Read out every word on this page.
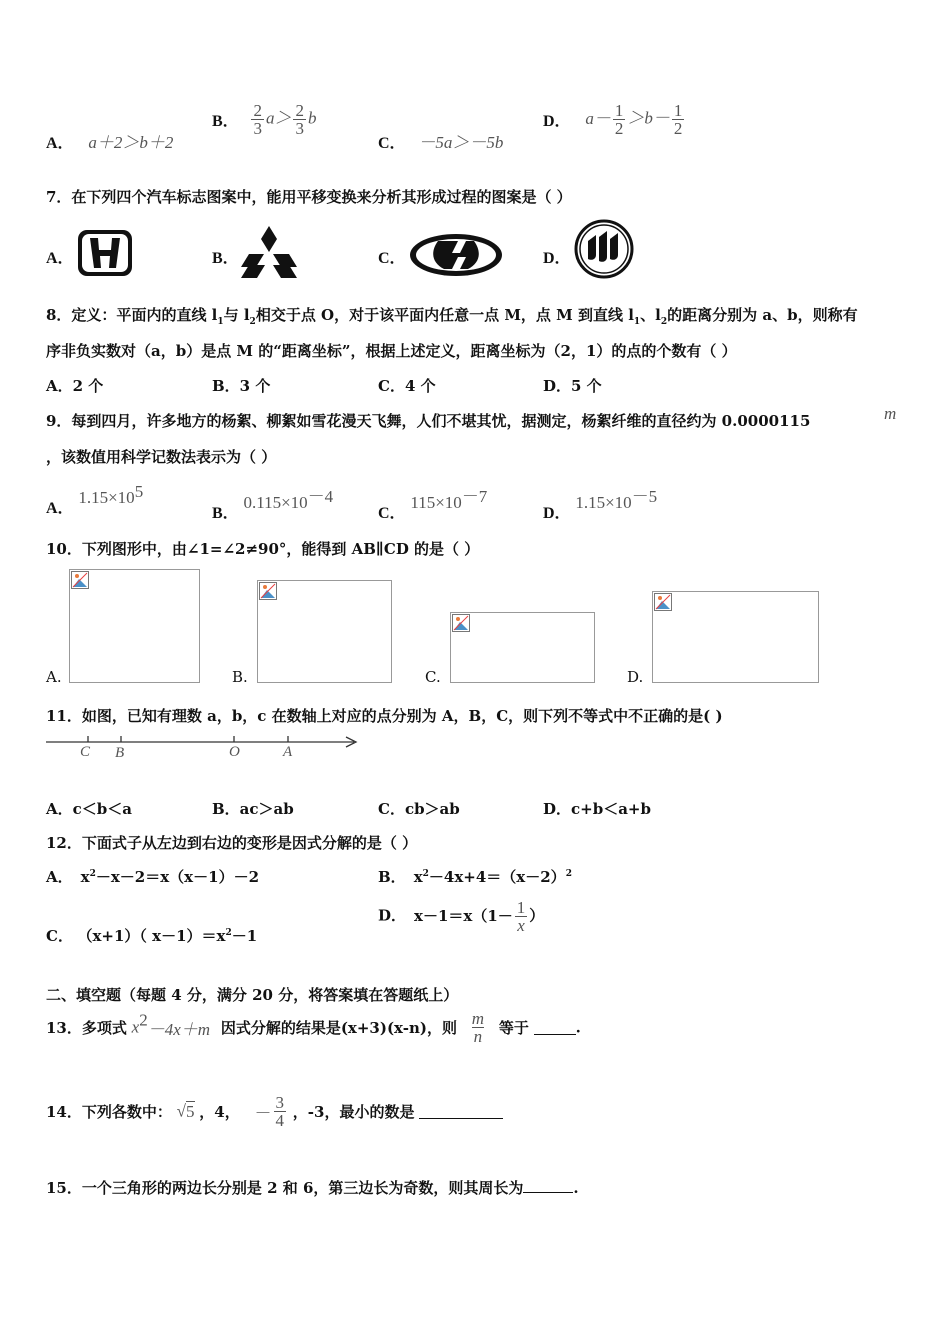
A． a＋2＞b＋2
B． $\frac{2}{3} a> \frac{2}{3}$ b
C． －5a＞－5b
D． $a- \frac{1}{2} >b- \frac{1}{2}$
7．在下列四个汽车标志图案中，能用平移变换来分析其形成过程的图案是（ ）
A．	B．	C．	D．
8．定义：平面内的直线 $l_1$与 $l_2$相交于点 O，对于该平面内任意一点 M，点 M 到直线 $l_1$、$l_2$的距离分别为 a、b，则称有
序非负实数对（a，b）是点 M 的“距离坐标”，根据上述定义，距离坐标为（2，1）的点的个数有（ ）
A．2 个	B．3 个	C．4 个	D．5 个
9．每到四月，许多地方的杨絮、柳絮如雪花漫天飞舞，人们不堪其忧，据测定，杨絮纤维的直径约为 0.0000115	m
，该数值用科学记数法表示为（ ）
A． $1.15\times 10^5$
B． $0.115\times 10^{-4}$
C． $115\times 10^{-7}$
D． $1.15\times 10^{-5}$
10．下列图形中，由∠1=∠2≠90°，能得到 AB∥CD 的是（ ）
A.	B.	C.	D.
11．如图，已知有理数 a，b，c 在数轴上对应的点分别为 A，B，C，则下列不等式中不正确的是( )
C B	O	A
A．c＜b＜a	B．ac＞ab	C．cb＞ab	D．c+b＜a+b
12．下面式子从左边到右边的变形是因式分解的是（ ）
A． $x^2-x-2=x(x-1)-2$	B． $x^2-4x+4=(x-2)^2$
C． （x+1）（ $x-1)=x^2-1$
D． $x-1=x(1- \frac{1}{x}$ ）
二、填空题（每题 4 分，满分 20 分，将答案填在答题纸上）
13．多项式 $x^2-4x+m$ 因式分解的结果是(x+3)(x-n)，则 $\frac{m}{n}$ 等于	.
14．下列各数中： √5 ，4， － $\frac{3}{4}$ ，-3，最小的数是
15．一个三角形的两边长分别是 2 和 6，第三边长为奇数，则其周长为	.
